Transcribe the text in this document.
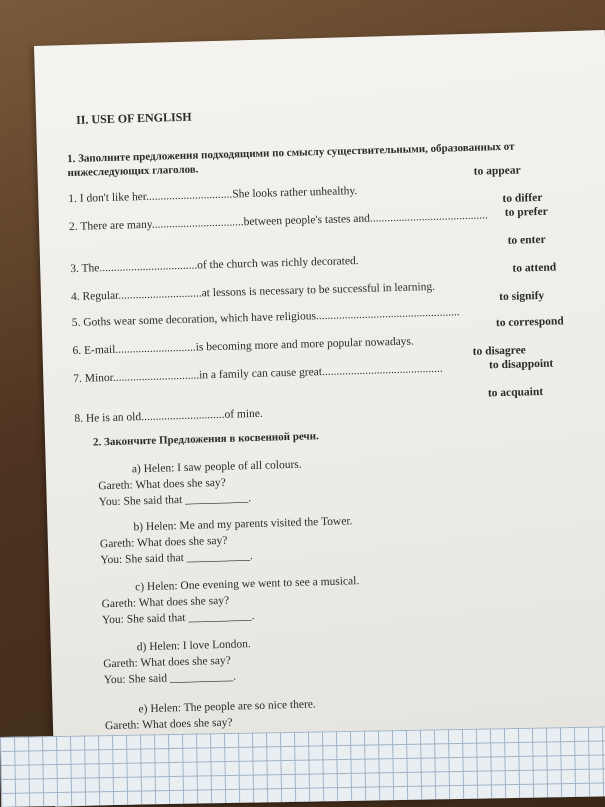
II. USE OF ENGLISH
1. Заполните предложения подходящими по смыслу существительными, образованных от
нижеследующих глаголов.
1. I don't like her..............................She looks rather unhealthy.
2. There are many................................between people's tastes and.........................................
3. The..................................of the church was richly decorated.
4. Regular.............................at lessons is necessary to be successful in learning.
5. Goths wear some decoration, which have religious..................................................
6. E-mail............................is becoming more and more popular nowadays.
7. Minor..............................in a family can cause great..........................................
8. He is an old.............................of mine.
to appear
to differ
to prefer
to enter
to attend
to signify
to correspond
to disagree
to disappoint
to acquaint
2. Закончите Предложения в косвенной речи.
a) Helen: I saw people of all colours.
Gareth: What does she say?
You: She said that ___________.
b) Helen: Me and my parents visited the Tower.
Gareth: What does she say?
You: She said that ___________.
c) Helen: One evening we went to see a musical.
Gareth: What does she say?
You: She said that ___________.
d) Helen: I love London.
Gareth: What does she say?
You: She said ___________.
e) Helen: The people are so nice there.
Gareth: What does she say?
